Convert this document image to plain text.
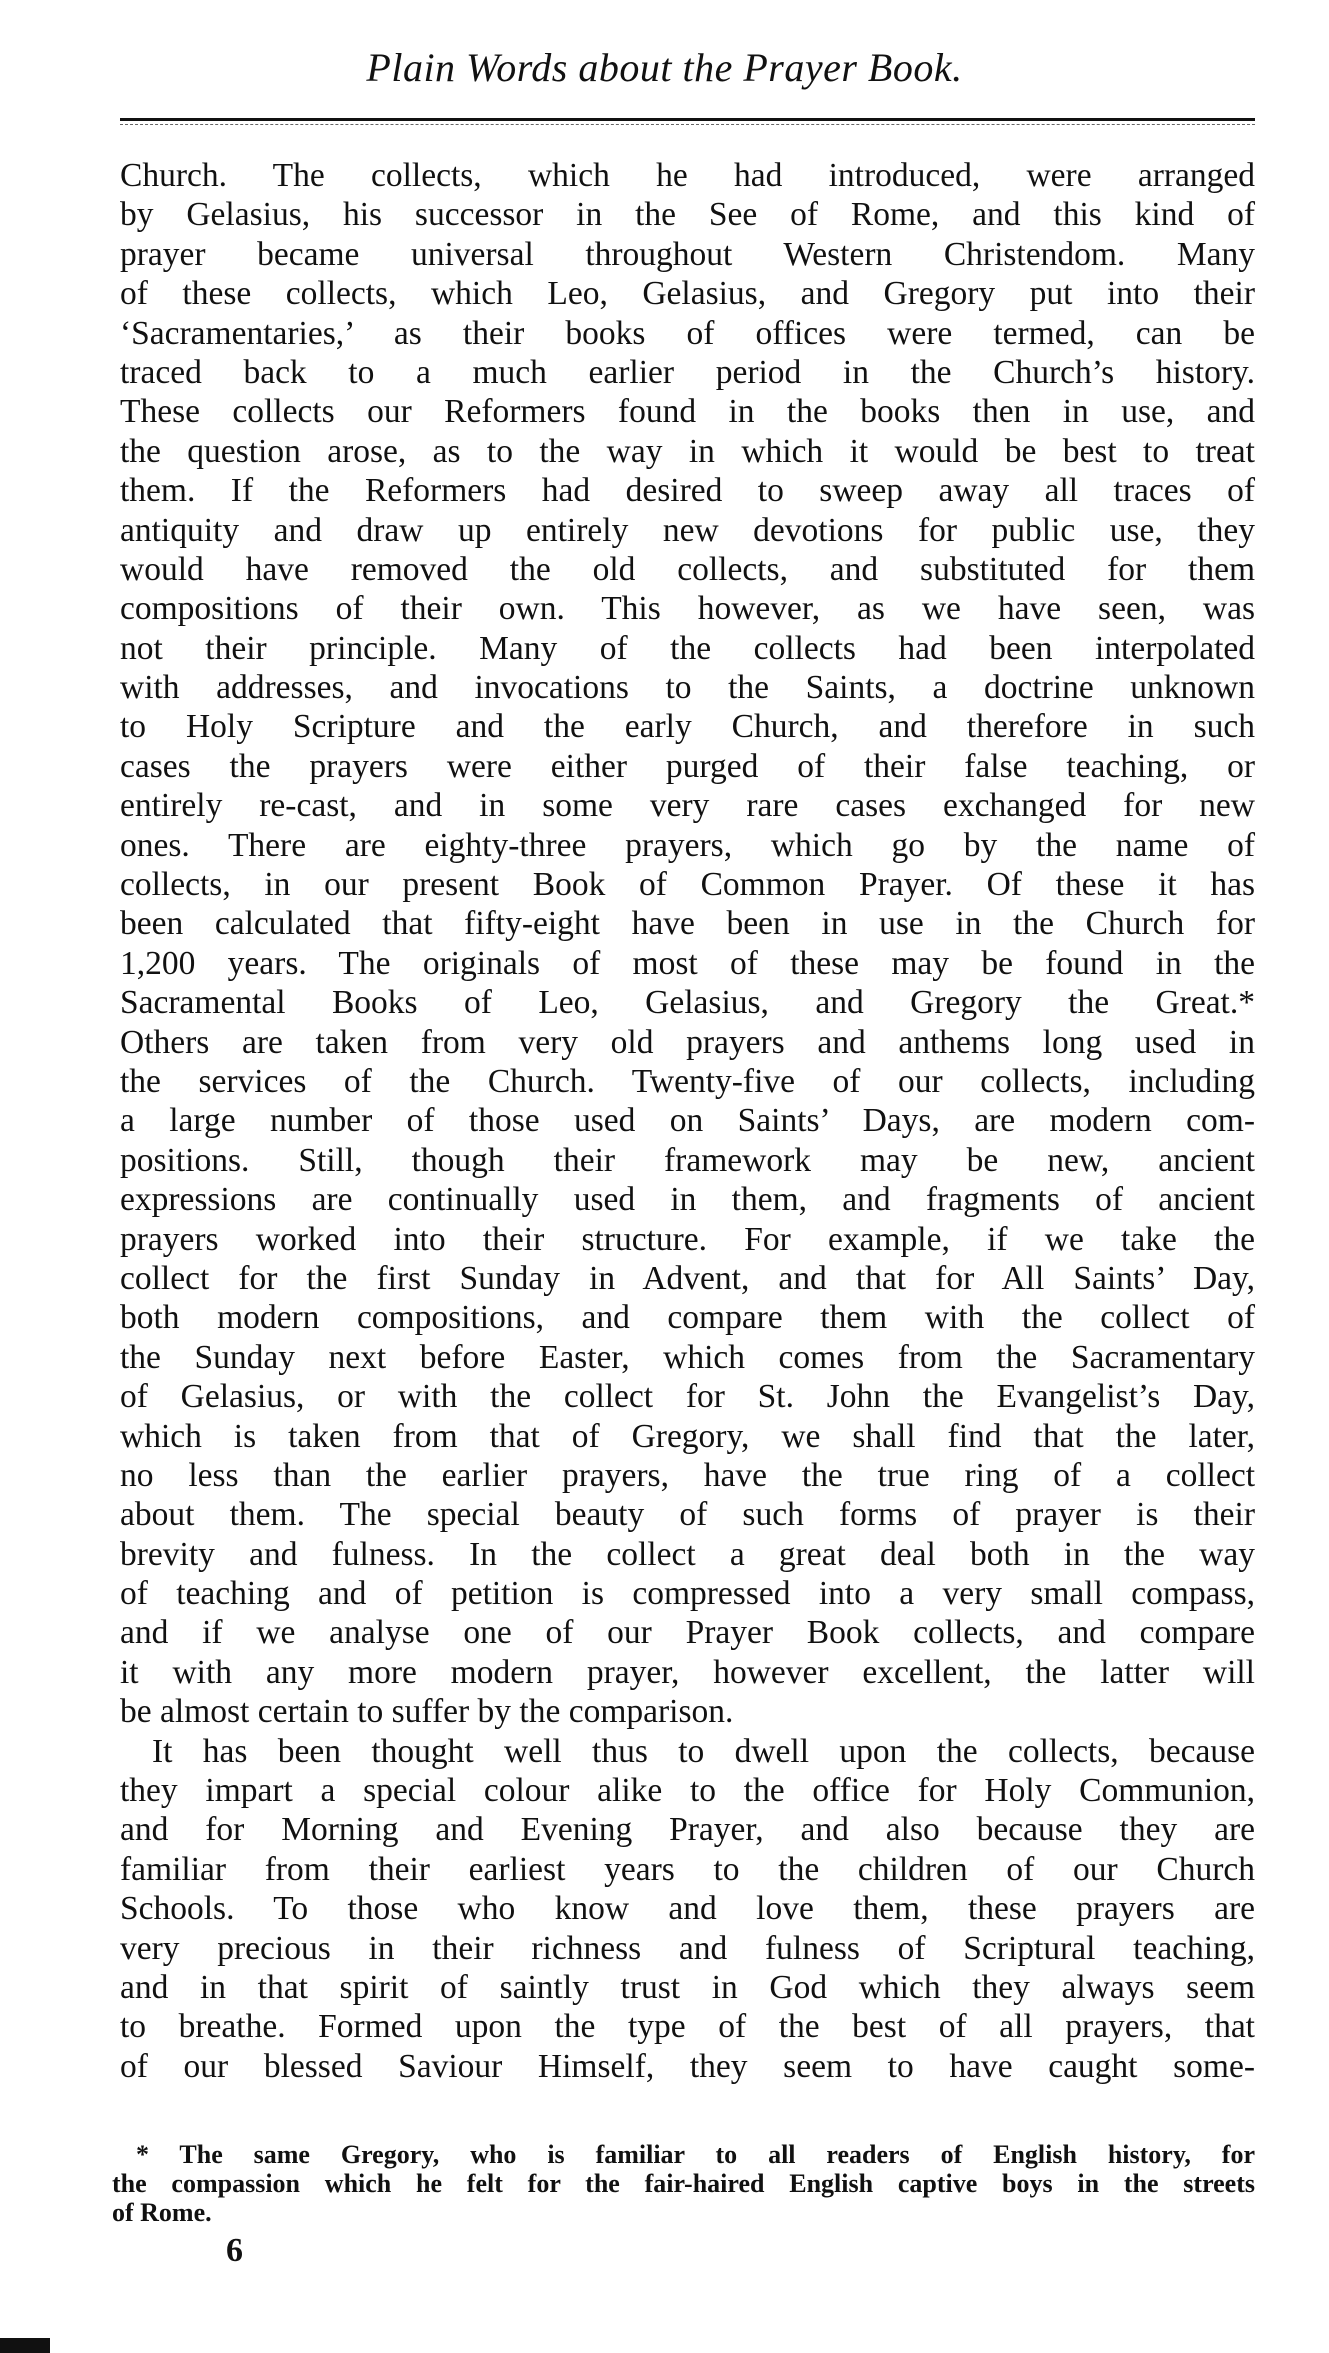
Plain Words about the Prayer Book.
Church. The collects, which he had introduced, were arranged
by Gelasius, his successor in the See of Rome, and this kind of
prayer became universal throughout Western Christendom. Many
of these collects, which Leo, Gelasius, and Gregory put into their
‘Sacramentaries,’ as their books of offices were termed, can be
traced back to a much earlier period in the Church’s history.
These collects our Reformers found in the books then in use, and
the question arose, as to the way in which it would be best to treat
them. If the Reformers had desired to sweep away all traces of
antiquity and draw up entirely new devotions for public use, they
would have removed the old collects, and substituted for them
compositions of their own. This however, as we have seen, was
not their principle. Many of the collects had been interpolated
with addresses, and invocations to the Saints, a doctrine unknown
to Holy Scripture and the early Church, and therefore in such
cases the prayers were either purged of their false teaching, or
entirely re-cast, and in some very rare cases exchanged for new
ones. There are eighty-three prayers, which go by the name of
collects, in our present Book of Common Prayer. Of these it has
been calculated that fifty-eight have been in use in the Church for
1,200 years. The originals of most of these may be found in the
Sacramental Books of Leo, Gelasius, and Gregory the Great.*
Others are taken from very old prayers and anthems long used in
the services of the Church. Twenty-five of our collects, including
a large number of those used on Saints’ Days, are modern com-
positions. Still, though their framework may be new, ancient
expressions are continually used in them, and fragments of ancient
prayers worked into their structure. For example, if we take the
collect for the first Sunday in Advent, and that for All Saints’ Day,
both modern compositions, and compare them with the collect of
the Sunday next before Easter, which comes from the Sacramentary
of Gelasius, or with the collect for St. John the Evangelist’s Day,
which is taken from that of Gregory, we shall find that the later,
no less than the earlier prayers, have the true ring of a collect
about them. The special beauty of such forms of prayer is their
brevity and fulness. In the collect a great deal both in the way
of teaching and of petition is compressed into a very small compass,
and if we analyse one of our Prayer Book collects, and compare
it with any more modern prayer, however excellent, the latter will
be almost certain to suffer by the comparison.
It has been thought well thus to dwell upon the collects, because
they impart a special colour alike to the office for Holy Communion,
and for Morning and Evening Prayer, and also because they are
familiar from their earliest years to the children of our Church
Schools. To those who know and love them, these prayers are
very precious in their richness and fulness of Scriptural teaching,
and in that spirit of saintly trust in God which they always seem
to breathe. Formed upon the type of the best of all prayers, that
of our blessed Saviour Himself, they seem to have caught some-
* The same Gregory, who is familiar to all readers of English history, for
the compassion which he felt for the fair-haired English captive boys in the streets
of Rome.
6
